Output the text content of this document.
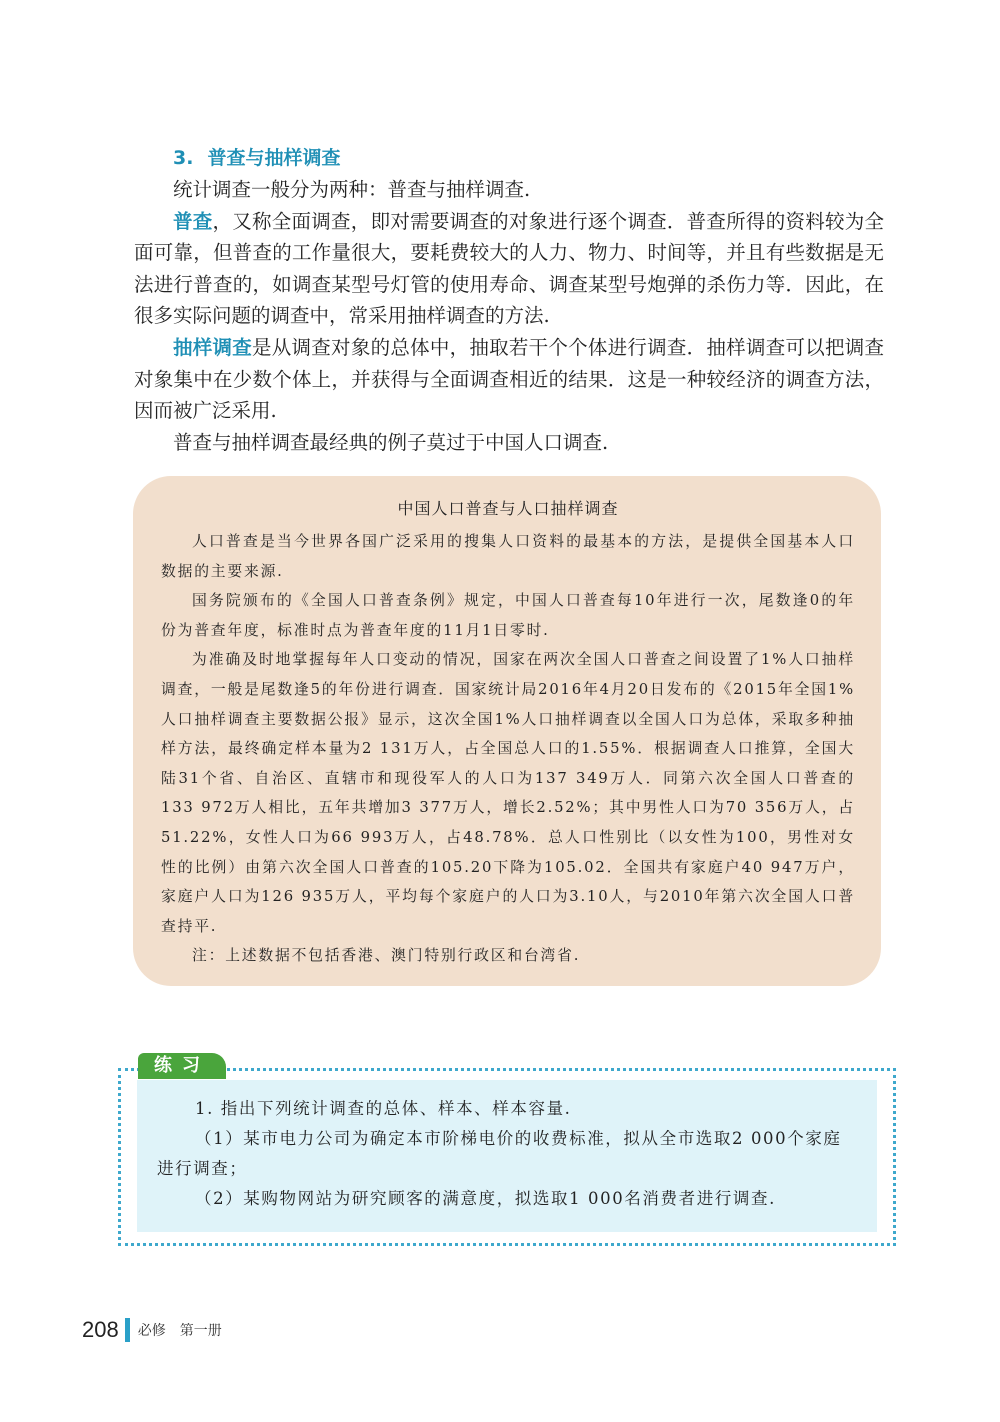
3. 普查与抽样调查

统计调查一般分为两种：普查与抽样调查.

普查，又称全面调查，即对需要调查的对象进行逐个调查．普查所得的资料较为全面可靠，但普查的工作量很大，要耗费较大的人力、物力、时间等，并且有些数据是无法进行普查的，如调查某型号灯管的使用寿命、调查某型号炮弹的杀伤力等．因此，在很多实际问题的调查中，常采用抽样调查的方法.

抽样调查是从调查对象的总体中，抽取若干个个体进行调查．抽样调查可以把调查对象集中在少数个体上，并获得与全面调查相近的结果．这是一种较经济的调查方法，因而被广泛采用.

普查与抽样调查最经典的例子莫过于中国人口调查.

中国人口普查与人口抽样调查

人口普查是当今世界各国广泛采用的搜集人口资料的最基本的方法，是提供全国基本人口数据的主要来源.

国务院颁布的《全国人口普查条例》规定，中国人口普查每10年进行一次，尾数逢0的年份为普查年度，标准时点为普查年度的11月1日零时.

为准确及时地掌握每年人口变动的情况，国家在两次全国人口普查之间设置了1%人口抽样调查，一般是尾数逢5的年份进行调查．国家统计局2016年4月20日发布的《2015年全国1%人口抽样调查主要数据公报》显示，这次全国1%人口抽样调查以全国人口为总体，采取多种抽样方法，最终确定样本量为2 131万人，占全国总人口的1.55%．根据调查人口推算，全国大陆31个省、自治区、直辖市和现役军人的人口为137 349万人．同第六次全国人口普查的133 972万人相比，五年共增加3 377万人，增长2.52%；其中男性人口为70 356万人，占51.22%，女性人口为66 993万人，占48.78%．总人口性别比（以女性为100，男性对女性的比例）由第六次全国人口普查的105.20下降为105.02．全国共有家庭户40 947万户，家庭户人口为126 935万人，平均每个家庭户的人口为3.10人，与2010年第六次全国人口普查持平.

注：上述数据不包括香港、澳门特别行政区和台湾省.

练习

1. 指出下列统计调查的总体、样本、样本容量.

（1）某市电力公司为确定本市阶梯电价的收费标准，拟从全市选取2 000个家庭进行调查；

（2）某购物网站为研究顾客的满意度，拟选取1 000名消费者进行调查.

208 必修 第一册
